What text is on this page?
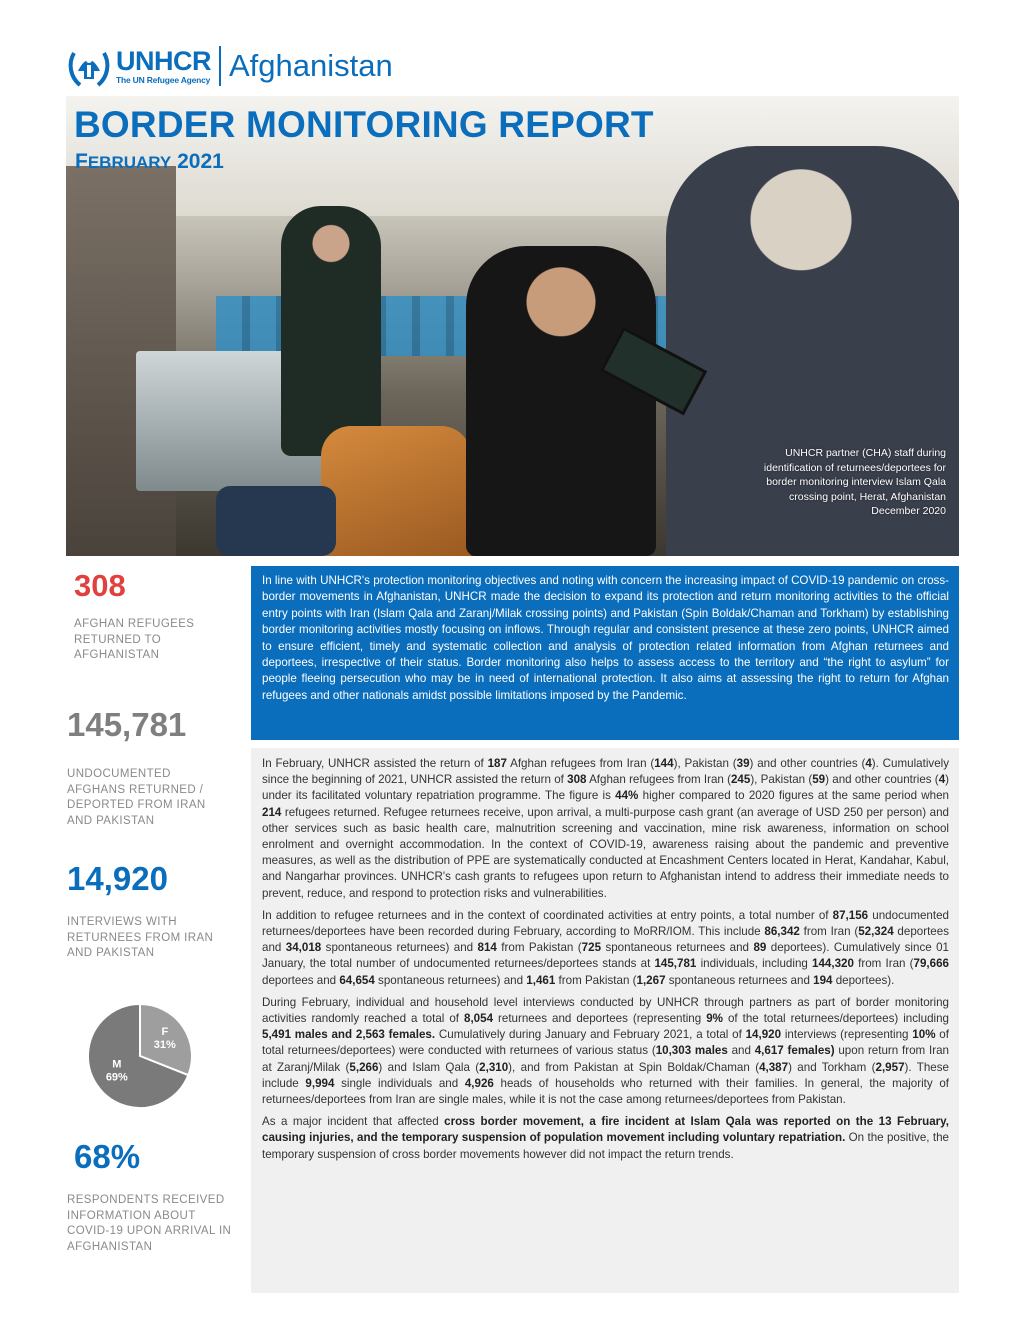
UNHCR
The UN Refugee Agency Afghanistan
BORDER MONITORING REPORT
FEBRUARY 2021
UNHCR partner (CHA) staff during identification of returnees/deportees for border monitoring interview Islam Qala crossing point, Herat, Afghanistan December 2020
308
AFGHAN REFUGEES RETURNED TO AFGHANISTAN
145,781
UNDOCUMENTED AFGHANS RETURNED / DEPORTED FROM IRAN AND PAKISTAN
14,920
INTERVIEWS WITH RETURNEES FROM IRAN AND PAKISTAN
F 31%
M 69%
68%
RESPONDENTS RECEIVED INFORMATION ABOUT COVID-19 UPON ARRIVAL IN AFGHANISTAN
In line with UNHCR's protection monitoring objectives and noting with concern the increasing impact of COVID-19 pandemic on cross-border movements in Afghanistan, UNHCR made the decision to expand its protection and return monitoring activities to the official entry points with Iran (Islam Qala and Zaranj/Milak crossing points) and Pakistan (Spin Boldak/Chaman and Torkham) by establishing border monitoring activities mostly focusing on inflows. Through regular and consistent presence at these zero points, UNHCR aimed to ensure efficient, timely and systematic collection and analysis of protection related information from Afghan returnees and deportees, irrespective of their status. Border monitoring also helps to assess access to the territory and “the right to asylum” for people fleeing persecution who may be in need of international protection. It also aims at assessing the right to return for Afghan refugees and other nationals amidst possible limitations imposed by the Pandemic.

In February, UNHCR assisted the return of 187 Afghan refugees from Iran (144), Pakistan (39) and other countries (4). Cumulatively since the beginning of 2021, UNHCR assisted the return of 308 Afghan refugees from Iran (245), Pakistan (59) and other countries (4) under its facilitated voluntary repatriation programme. The figure is 44% higher compared to 2020 figures at the same period when 214 refugees returned. Refugee returnees receive, upon arrival, a multi-purpose cash grant (an average of USD 250 per person) and other services such as basic health care, malnutrition screening and vaccination, mine risk awareness, information on school enrolment and overnight accommodation. In the context of COVID-19, awareness raising about the pandemic and preventive measures, as well as the distribution of PPE are systematically conducted at Encashment Centers located in Herat, Kandahar, Kabul, and Nangarhar provinces. UNHCR's cash grants to refugees upon return to Afghanistan intend to address their immediate needs to prevent, reduce, and respond to protection risks and vulnerabilities.

In addition to refugee returnees and in the context of coordinated activities at entry points, a total number of 87,156 undocumented returnees/deportees have been recorded during February, according to MoRR/IOM. This include 86,342 from Iran (52,324 deportees and 34,018 spontaneous returnees) and 814 from Pakistan (725 spontaneous returnees and 89 deportees). Cumulatively since 01 January, the total number of undocumented returnees/deportees stands at 145,781 individuals, including 144,320 from Iran (79,666 deportees and 64,654 spontaneous returnees) and 1,461 from Pakistan (1,267 spontaneous returnees and 194 deportees).

During February, individual and household level interviews conducted by UNHCR through partners as part of border monitoring activities randomly reached a total of 8,054 returnees and deportees (representing 9% of the total returnees/deportees) including 5,491 males and 2,563 females. Cumulatively during January and February 2021, a total of 14,920 interviews (representing 10% of total returnees/deportees) were conducted with returnees of various status (10,303 males and 4,617 females) upon return from Iran at Zaranj/Milak (5,266) and Islam Qala (2,310), and from Pakistan at Spin Boldak/Chaman (4,387) and Torkham (2,957). These include 9,994 single individuals and 4,926 heads of households who returned with their families. In general, the majority of returnees/deportees from Iran are single males, while it is not the case among returnees/deportees from Pakistan.

As a major incident that affected cross border movement, a fire incident at Islam Qala was reported on the 13 February, causing injuries, and the temporary suspension of population movement including voluntary repatriation. On the positive, the temporary suspension of cross border movements however did not impact the return trends.
